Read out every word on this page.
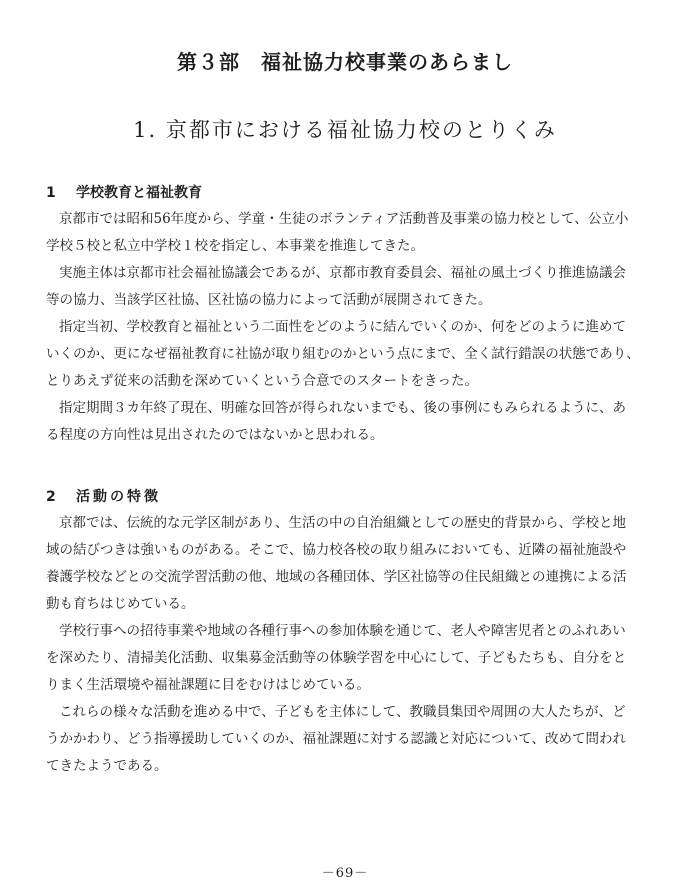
第３部　福祉協力校事業のあらまし
1. 京都市における福祉協力校のとりくみ
1 学校教育と福祉教育
京都市では昭和56年度から、学童・生徒のボランティア活動普及事業の協力校として、公立小
学校５校と私立中学校１校を指定し、本事業を推進してきた。
実施主体は京都市社会福祉協議会であるが、京都市教育委員会、福祉の風土づくり推進協議会
等の協力、当該学区社協、区社協の協力によって活動が展開されてきた。
指定当初、学校教育と福祉という二面性をどのように結んでいくのか、何をどのように進めて
いくのか、更になぜ福祉教育に社協が取り組むのかという点にまで、全く試行錯誤の状態であり、
とりあえず従来の活動を深めていくという合意でのスタートをきった。
指定期間３カ年終了現在、明確な回答が得られないまでも、後の事例にもみられるように、あ
る程度の方向性は見出されたのではないかと思われる。
2 活動の特徴
京都では、伝統的な元学区制があり、生活の中の自治組織としての歴史的背景から、学校と地
域の結びつきは強いものがある。そこで、協力校各校の取り組みにおいても、近隣の福祉施設や
養護学校などとの交流学習活動の他、地域の各種団体、学区社協等の住民組織との連携による活
動も育ちはじめている。
学校行事への招待事業や地域の各種行事への参加体験を通じて、老人や障害児者とのふれあい
を深めたり、清掃美化活動、収集募金活動等の体験学習を中心にして、子どもたちも、自分をと
りまく生活環境や福祉課題に目をむけはじめている。
これらの様々な活動を進める中で、子どもを主体にして、教職員集団や周囲の大人たちが、ど
うかかわり、どう指導援助していくのか、福祉課題に対する認識と対応について、改めて問われ
てきたようである。
－69－
